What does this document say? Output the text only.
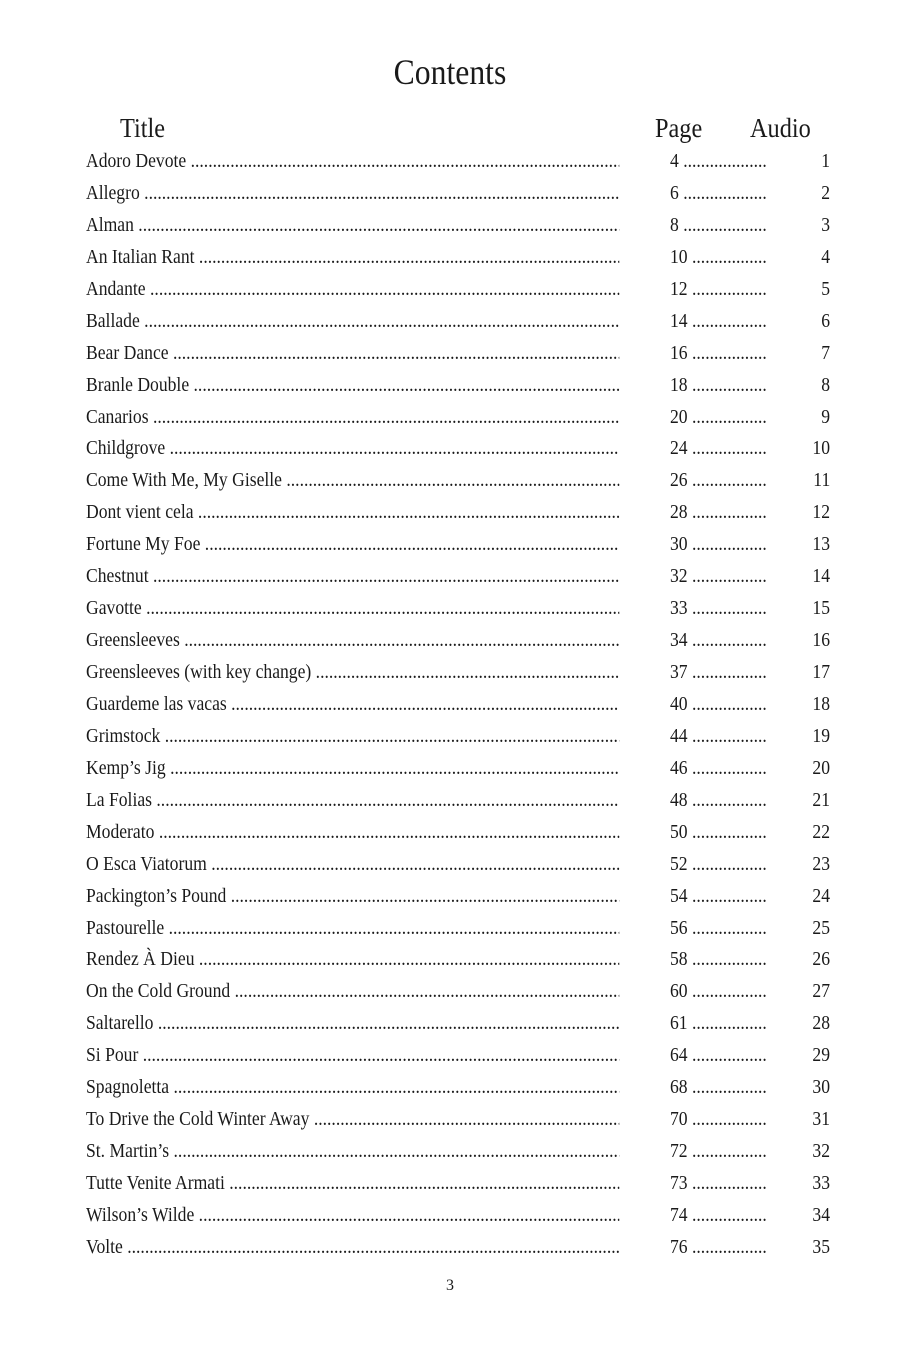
Contents
Title	Page Audio
Adoro Devote .....	4 .....	1
Allegro .....	6 .....	2
Alman .....	8 .....	3
An Italian Rant .....	10 .....	4
Andante .....	12 .....	5
Ballade .....	14 .....	6
Bear Dance .....	16 .....	7
Branle Double .....	18 .....	8
Canarios .....	20 .....	9
Childgrove .....	24 .....	10
Come With Me, My Giselle .....	26 .....	11
Dont vient cela .....	28 .....	12
Fortune My Foe .....	30 .....	13
Chestnut .....	32 .....	14
Gavotte .....	33 .....	15
Greensleeves .....	34 .....	16
Greensleeves (with key change) .....	37 .....	17
Guardeme las vacas .....	40 .....	18
Grimstock .....	44 .....	19
Kemp’s Jig .....	46 .....	20
La Folias .....	48 .....	21
Moderato .....	50 .....	22
O Esca Viatorum .....	52 .....	23
Packington’s Pound .....	54 .....	24
Pastourelle .....	56 .....	25
Rendez À Dieu .....	58 .....	26
On the Cold Ground .....	60 .....	27
Saltarello .....	61 .....	28
Si Pour .....	64 .....	29
Spagnoletta .....	68 .....	30
To Drive the Cold Winter Away .....	70 .....	31
St. Martin’s .....	72 .....	32
Tutte Venite Armati .....	73 .....	33
Wilson’s Wilde .....	74 .....	34
Volte .....	76 .....	35
3
